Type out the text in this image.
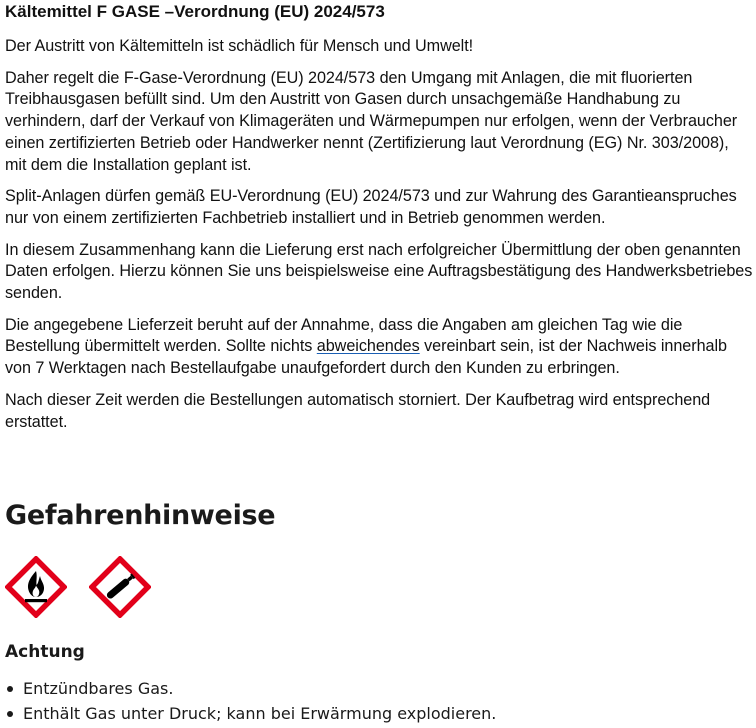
Kältemittel F GASE –Verordnung (EU) 2024/573

Der Austritt von Kältemitteln ist schädlich für Mensch und Umwelt!

Daher regelt die F-Gase-Verordnung (EU) 2024/573 den Umgang mit Anlagen, die mit fluorierten Treibhausgasen befüllt sind. Um den Austritt von Gasen durch unsachgemäße Handhabung zu verhindern, darf der Verkauf von Klimageräten und Wärmepumpen nur erfolgen, wenn der Verbraucher einen zertifizierten Betrieb oder Handwerker nennt (Zertifizierung laut Verordnung (EG) Nr. 303/2008), mit dem die Installation geplant ist.

Split-Anlagen dürfen gemäß EU-Verordnung (EU) 2024/573 und zur Wahrung des Garantieanspruches nur von einem zertifizierten Fachbetrieb installiert und in Betrieb genommen werden.

In diesem Zusammenhang kann die Lieferung erst nach erfolgreicher Übermittlung der oben genannten Daten erfolgen. Hierzu können Sie uns beispielsweise eine Auftragsbestätigung des Handwerksbetriebes senden.

Die angegebene Lieferzeit beruht auf der Annahme, dass die Angaben am gleichen Tag wie die Bestellung übermittelt werden. Sollte nichts abweichendes vereinbart sein, ist der Nachweis innerhalb von 7 Werktagen nach Bestellaufgabe unaufgefordert durch den Kunden zu erbringen.

Nach dieser Zeit werden die Bestellungen automatisch storniert. Der Kaufbetrag wird entsprechend erstattet.

Gefahrenhinweise

Achtung

Entzündbares Gas.
Enthält Gas unter Druck; kann bei Erwärmung explodieren.
